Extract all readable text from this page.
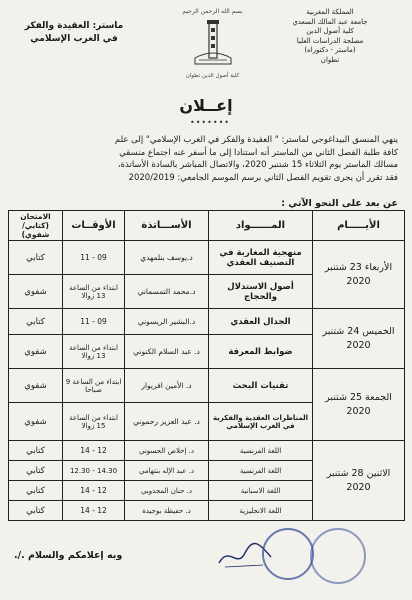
المملكة المغربية
جامعة عبد المالك السعدي
كلية أصول الدين
مصلحة الدراسات العليا
(ماستر - دكتوراه)
تطوان
بسم الله الرحمن الرحيم
كلية أصول الدين تطوان
ماستر: العقيدة والفكر
في الغرب الإسلامي
إعــلان
•••••••

ينهي المنسق البيداغوجي لماستر: " العقيدة والفكر في الغرب الإسلامي" إلى علم

كافة طلبة الفصل الثاني من الماستر أنه استنادا إلى ما أسفر عنه اجتماع منسقي

مسالك الماستر يوم الثلاثاء 15 شتنبر 2020، والاتصال المباشر بالسادة الأساتذة،

فقد تقرر أن يجرى تقويم الفصل الثاني برسم الموسم الجامعي: 2020/2019

عن بعد على النحو الآتي :
الأيـــــام	المــــــواد	الأســـاتذة	الأوقــات	الامتحان (كتابي/ شفوي)
الأربعاء 23 شتنبر 2020	منهجية المغاربة في التصنيف العقدي	د.يوسف بنلمهدي	09 - 11	كتابي
	أصول الاستدلال والحجاج	د.محمد التمسماني	ابتداء من الساعة 13 زوالا	شفوي
الخميس 24 شتنبر 2020	الجدال العقدي	د.البشير الريسوني	09 - 11	كتابي
	ضوابط المعرفة	د. عبد السلام الكنوني	ابتداء من الساعة 13 زوالا	شفوي
الجمعة 25 شتنبر 2020	تقنيات البحث	د. الأمين افريوار	ابتداء من الساعة 9 صباحا	شفوي
	المناظرات العقدية والفكرية في الغرب الإسلامي	د. عبد العزيز رحموني	ابتداء من الساعة 15 زوالا	شفوي
الاثنين 28 شتنبر 2020	اللغة الفرنسية	د. إخلاص الحسوني	12 - 14	كتابي
	اللغة الفرنسية	د. عبد الإله بنتهامي	14.30 - 12.30	كتابي
	اللغة الاسبانية	د. حنان المجدوبي	12 - 14	كتابي
	اللغة الانجليزية	د. حفيظة بوجيدة	12 - 14	كتابي
وبه إعلامكم والسلام ./.
